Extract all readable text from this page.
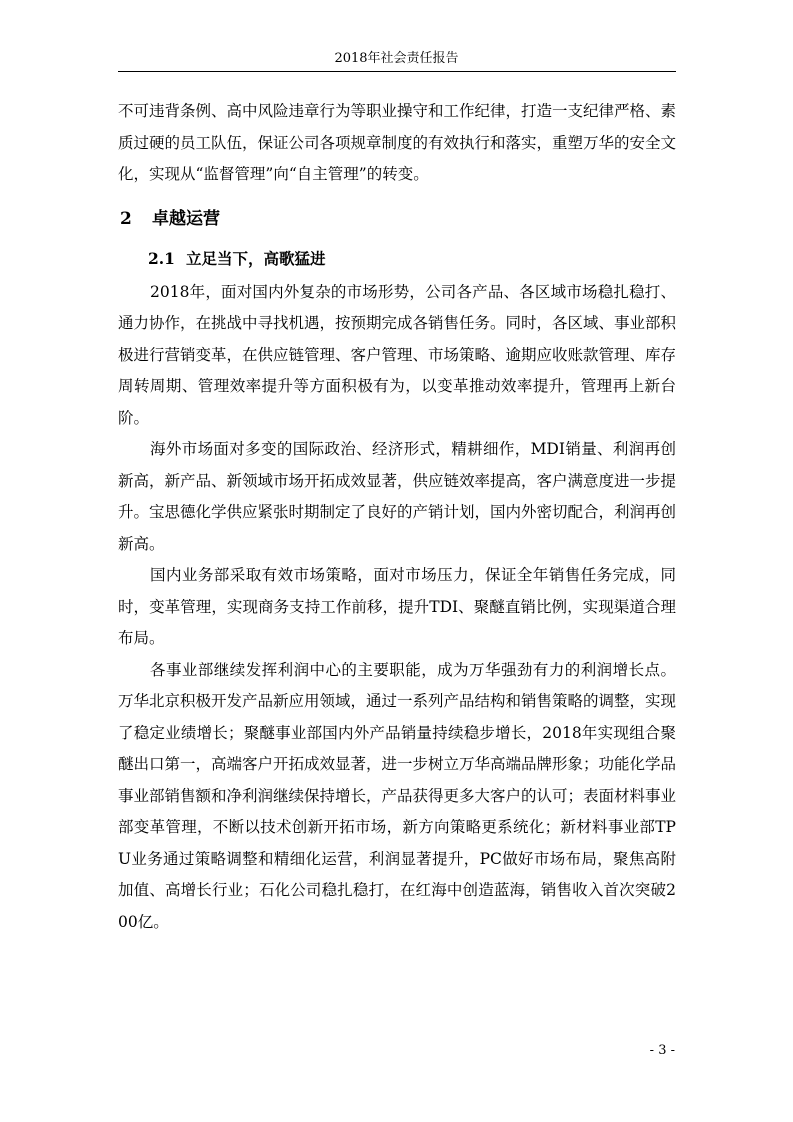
2018年社会责任报告

不可违背条例、高中风险违章行为等职业操守和工作纪律，打造一支纪律严格、素质过硬的员工队伍，保证公司各项规章制度的有效执行和落实，重塑万华的安全文化，实现从“监督管理”向“自主管理”的转变。

2	卓越运营
2.1 立足当下，高歌猛进

2018年，面对国内外复杂的市场形势，公司各产品、各区域市场稳扎稳打、通力协作，在挑战中寻找机遇，按预期完成各销售任务。同时，各区域、事业部积极进行营销变革，在供应链管理、客户管理、市场策略、逾期应收账款管理、库存周转周期、管理效率提升等方面积极有为，以变革推动效率提升，管理再上新台阶。

海外市场面对多变的国际政治、经济形式，精耕细作，MDI销量、利润再创新高，新产品、新领域市场开拓成效显著，供应链效率提高，客户满意度进一步提升。宝思德化学供应紧张时期制定了良好的产销计划，国内外密切配合，利润再创新高。

国内业务部采取有效市场策略，面对市场压力，保证全年销售任务完成，同时，变革管理，实现商务支持工作前移，提升TDI、聚醚直销比例，实现渠道合理布局。

各事业部继续发挥利润中心的主要职能，成为万华强劲有力的利润增长点。万华北京积极开发产品新应用领域，通过一系列产品结构和销售策略的调整，实现了稳定业绩增长；聚醚事业部国内外产品销量持续稳步增长，2018年实现组合聚醚出口第一，高端客户开拓成效显著，进一步树立万华高端品牌形象；功能化学品事业部销售额和净利润继续保持增长，产品获得更多大客户的认可；表面材料事业部变革管理，不断以技术创新开拓市场，新方向策略更系统化；新材料事业部TPU业务通过策略调整和精细化运营，利润显著提升，PC做好市场布局，聚焦高附加值、高增长行业；石化公司稳扎稳打，在红海中创造蓝海，销售收入首次突破200亿。

- 3 -
